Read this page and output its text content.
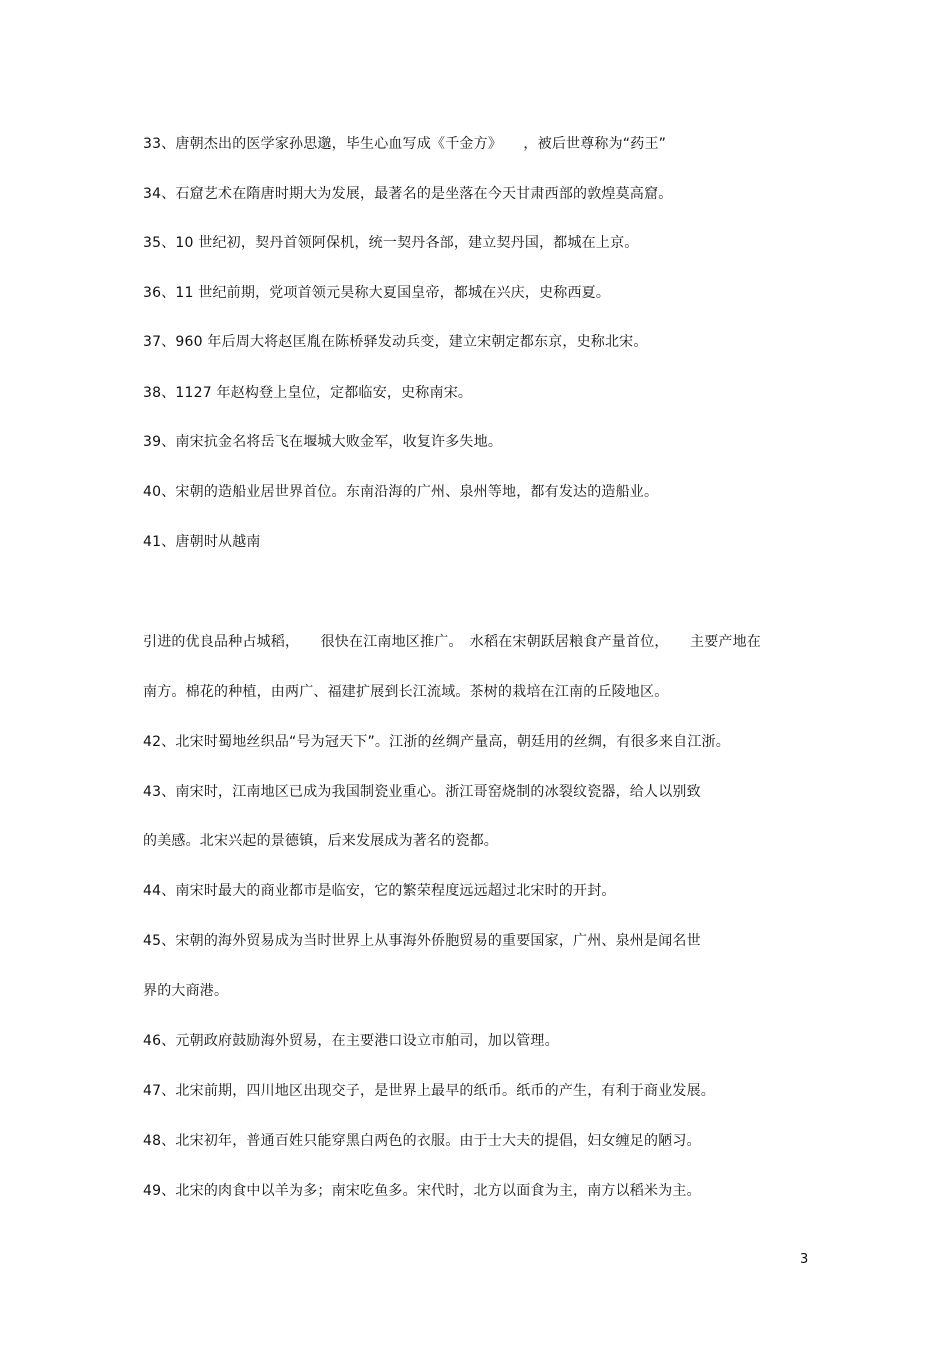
33、唐朝杰出的医学家孙思邈，毕生心血写成《千金方》　　，被后世尊称为“药王”
34、石窟艺术在隋唐时期大为发展，最著名的是坐落在今天甘肃西部的敦煌莫高窟。
35、10 世纪初，契丹首领阿保机，统一契丹各部，建立契丹国，都城在上京。
36、11 世纪前期，党项首领元昊称大夏国皇帝，都城在兴庆，史称西夏。
37、960 年后周大将赵匡胤在陈桥驿发动兵变，建立宋朝定都东京，史称北宋。
38、1127 年赵构登上皇位，定都临安，史称南宋。
39、南宋抗金名将岳飞在堰城大败金军，收复许多失地。
40、宋朝的造船业居世界首位。东南沿海的广州、泉州等地，都有发达的造船业。
41、唐朝时从越南
引进的优良品种占城稻，　　很快在江南地区推广。　水稻在宋朝跃居粮食产量首位，　　主要产地在
南方。棉花的种植，由两广、福建扩展到长江流域。茶树的栽培在江南的丘陵地区。
42、北宋时蜀地丝织品“号为冠天下”。江浙的丝绸产量高，朝廷用的丝绸，有很多来自江浙。
43、南宋时，江南地区已成为我国制瓷业重心。浙江哥窑烧制的冰裂纹瓷器，给人以别致
的美感。北宋兴起的景德镇，后来发展成为著名的瓷都。
44、南宋时最大的商业都市是临安，它的繁荣程度远远超过北宋时的开封。
45、宋朝的海外贸易成为当时世界上从事海外侨胞贸易的重要国家，广州、泉州是闻名世
界的大商港。
46、元朝政府鼓励海外贸易，在主要港口设立市舶司，加以管理。
47、北宋前期，四川地区出现交子，是世界上最早的纸币。纸币的产生，有利于商业发展。
48、北宋初年，普通百姓只能穿黑白两色的衣服。由于士大夫的提倡，妇女缠足的陋习。
49、北宋的肉食中以羊为多；南宋吃鱼多。宋代时，北方以面食为主，南方以稻米为主。
3
